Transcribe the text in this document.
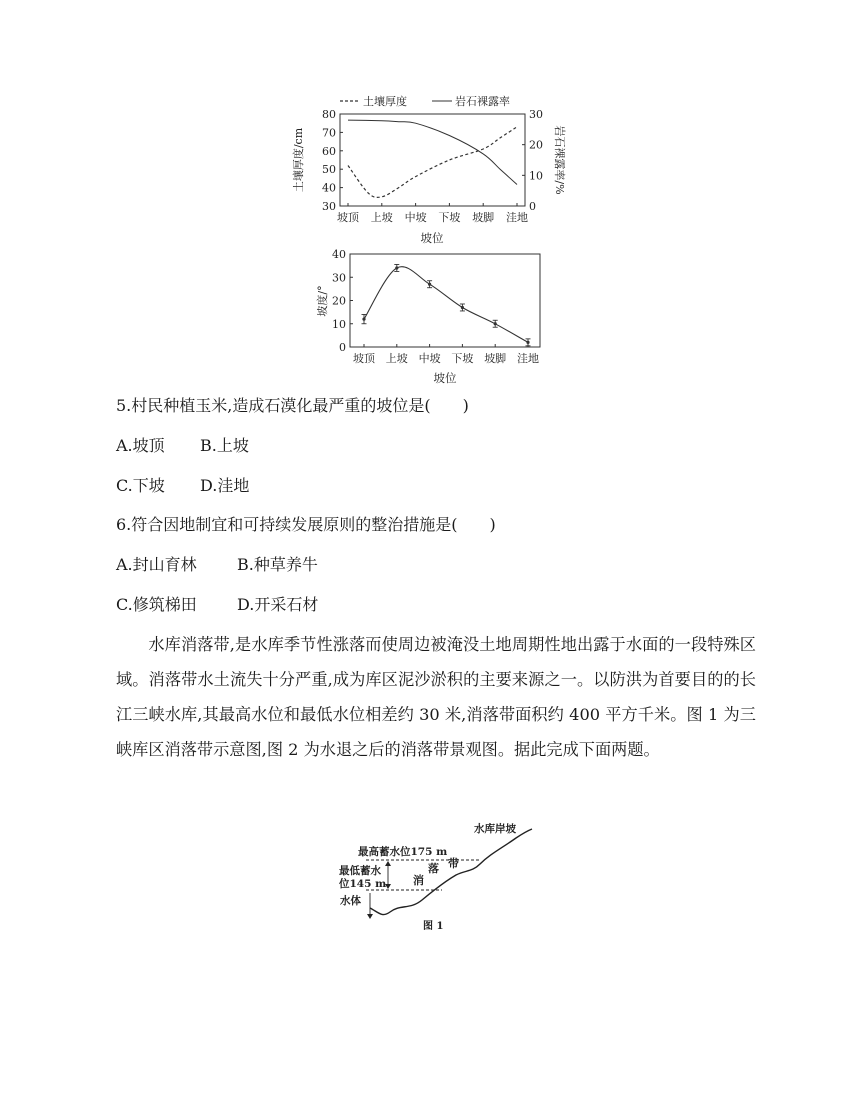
土壤厚度	岩石裸露率
30
40
50
60
70
80
0
10
20
30
坡顶 上坡 中坡 下坡 坡脚 洼地
土壤厚度/cm	岩石裸露率/%
坡位
0
10
20
30
40
坡顶 上坡 中坡 下坡 坡脚 洼地
坡度/°
坡位
5.村民种植玉米,造成石漠化最严重的坡位是(　　)
A.坡顶 B.上坡
C.下坡 D.洼地
6.符合因地制宜和可持续发展原则的整治措施是(　　)
A.封山育林	B.种草养牛
C.修筑梯田	D.开采石材

水库消落带,是水库季节性涨落而使周边被淹没土地周期性地出露于水面的一段特殊区域。消落带水土流失十分严重,成为库区泥沙淤积的主要来源之一。以防洪为首要目的的长江三峡水库,其最高水位和最低水位相差约 30 米,消落带面积约 400 平方千米。图 1 为三峡库区消落带示意图,图 2 为水退之后的消落带景观图。据此完成下面两题。

水库岸坡
最高蓄水位175 m
最低蓄水
位145 m
水体
消
落 带
图 1
